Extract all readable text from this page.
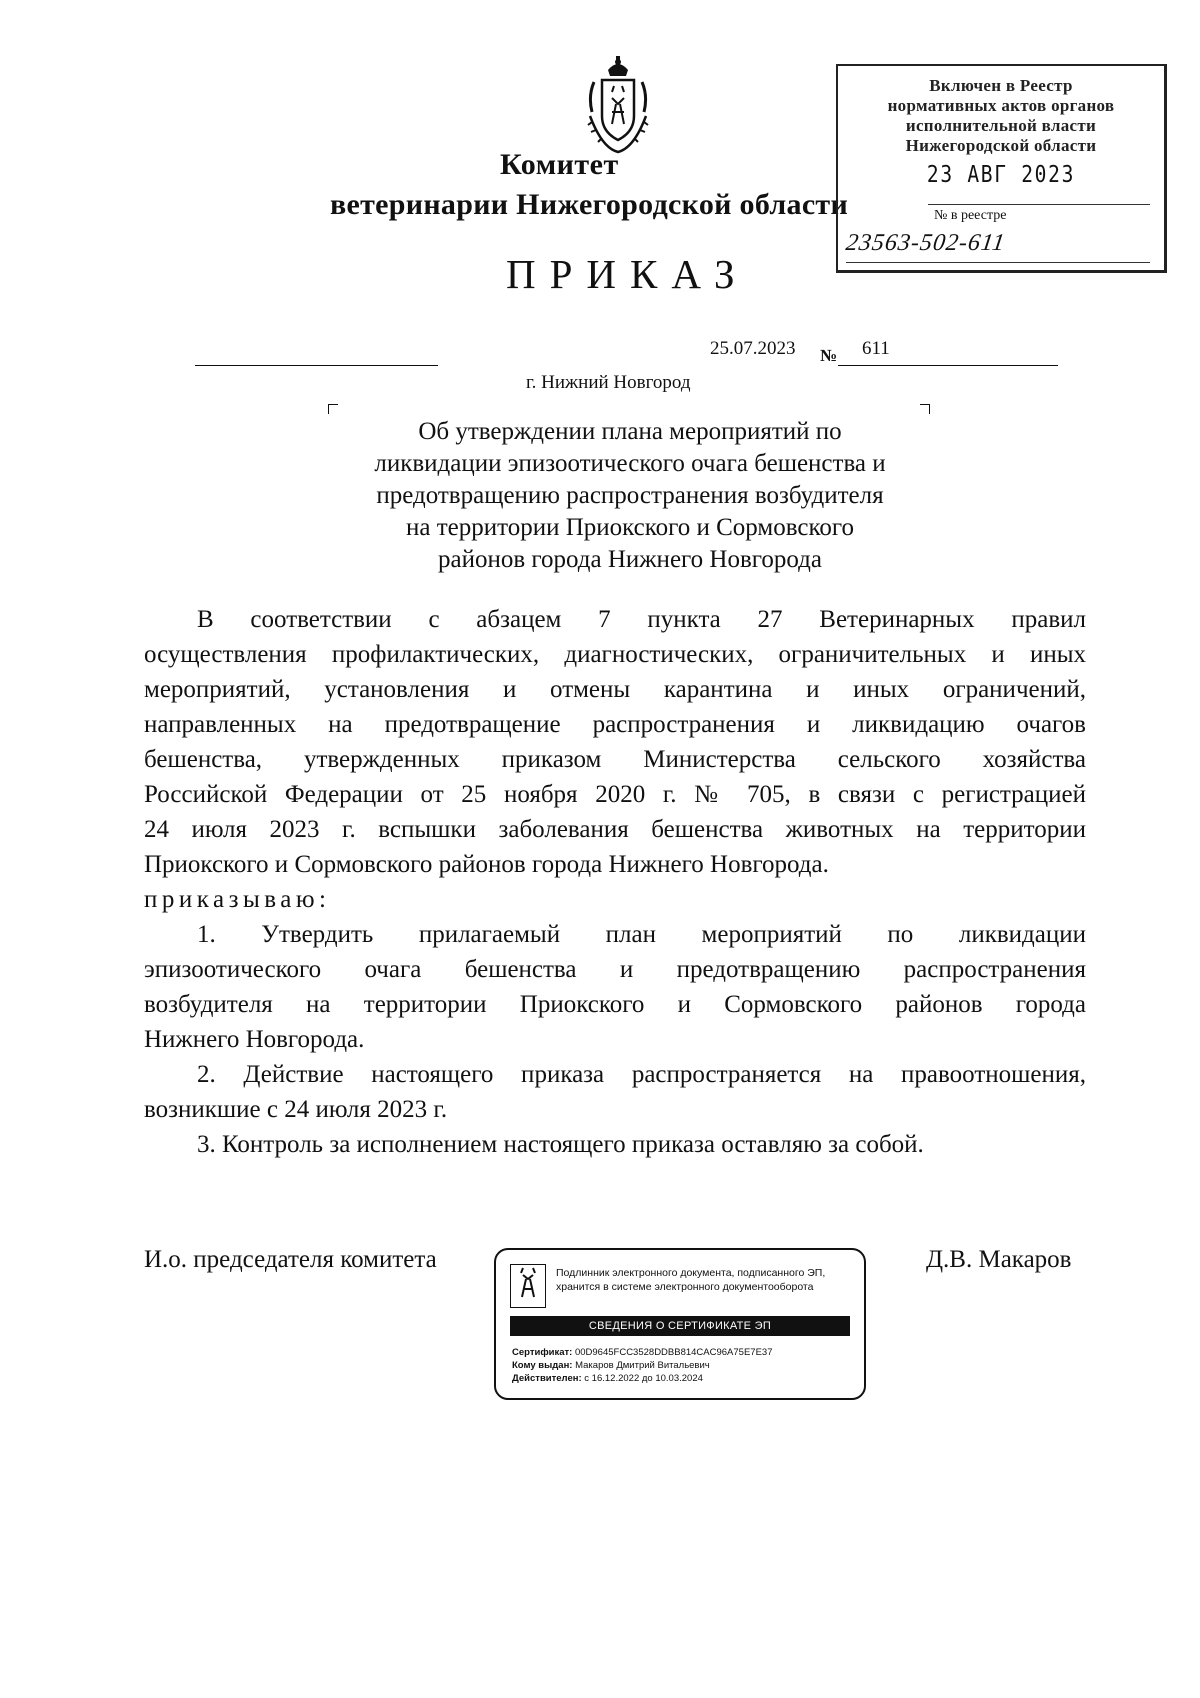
Комитет
ветеринарии Нижегородской области
ПРИКАЗ
Включен в Реестр
нормативных актов органов
исполнительной власти
Нижегородской области
23 АВГ 2023
№ в реестре
23563-502-611
25.07.2023 № 611
г. Нижний Новгород
Об утверждении плана мероприятий по
ликвидации эпизоотического очага бешенства и
предотвращению распространения возбудителя
на территории Приокского и Сормовского
районов города Нижнего Новгорода
В соответствии с абзацем 7 пункта 27 Ветеринарных правил
осуществления профилактических, диагностических, ограничительных и иных
мероприятий, установления и отмены карантина и иных ограничений,
направленных на предотвращение распространения и ликвидацию очагов
бешенства, утвержденных приказом Министерства сельского хозяйства
Российской Федерации от 25 ноября 2020 г. № 705, в связи с регистрацией
24 июля 2023 г. вспышки заболевания бешенства животных на территории
Приокского и Сормовского районов города Нижнего Новгорода.
приказываю:
1. Утвердить прилагаемый план мероприятий по ликвидации
эпизоотического очага бешенства и предотвращению распространения
возбудителя на территории Приокского и Сормовского районов города
Нижнего Новгорода.
2. Действие настоящего приказа распространяется на правоотношения,
возникшие с 24 июля 2023 г.
3. Контроль за исполнением настоящего приказа оставляю за собой.
И.о. председателя комитета	Д.В. Макаров
Подлинник электронного документа, подписанного ЭП,
хранится в системе электронного документооборота
СВЕДЕНИЯ О СЕРТИФИКАТЕ ЭП
Сертификат: 00D9645FCC3528DDBB814CAC96A75E7E37
Кому выдан: Макаров Дмитрий Витальевич
Действителен: с 16.12.2022 до 10.03.2024
